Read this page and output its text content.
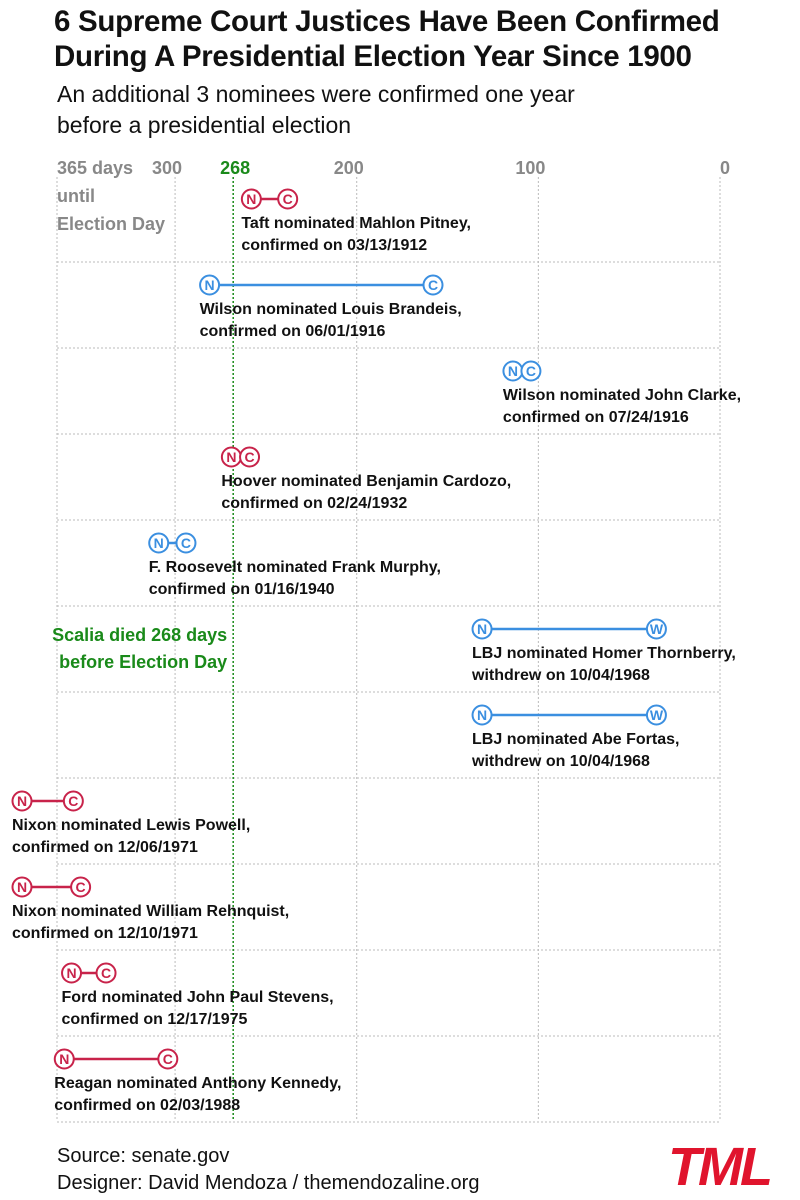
6 Supreme Court Justices Have Been Confirmed
During A Presidential Election Year Since 1900
An additional 3 nominees were confirmed one year
before a presidential election
365 days 300	200	100	0
until
Election Day
268
Scalia died 268 days
before Election Day
N C
Taft nominated Mahlon Pitney,
confirmed on 03/13/1912
N	C
Wilson nominated Louis Brandeis,
confirmed on 06/01/1916
N C
Wilson nominated John Clarke,
confirmed on 07/24/1916
N C
Hoover nominated Benjamin Cardozo,
confirmed on 02/24/1932
N C
F. Roosevelt nominated Frank Murphy,
confirmed on 01/16/1940
N	W
LBJ nominated Homer Thornberry,
withdrew on 10/04/1968
N	W
LBJ nominated Abe Fortas,
withdrew on 10/04/1968
N	C
Nixon nominated Lewis Powell,
confirmed on 12/06/1971
N	C
Nixon nominated William Rehnquist,
confirmed on 12/10/1971
N C
Ford nominated John Paul Stevens,
confirmed on 12/17/1975
N	C
Reagan nominated Anthony Kennedy,
confirmed on 02/03/1988
Source: senate.gov
Designer: David Mendoza / themendozaline.org	TML
